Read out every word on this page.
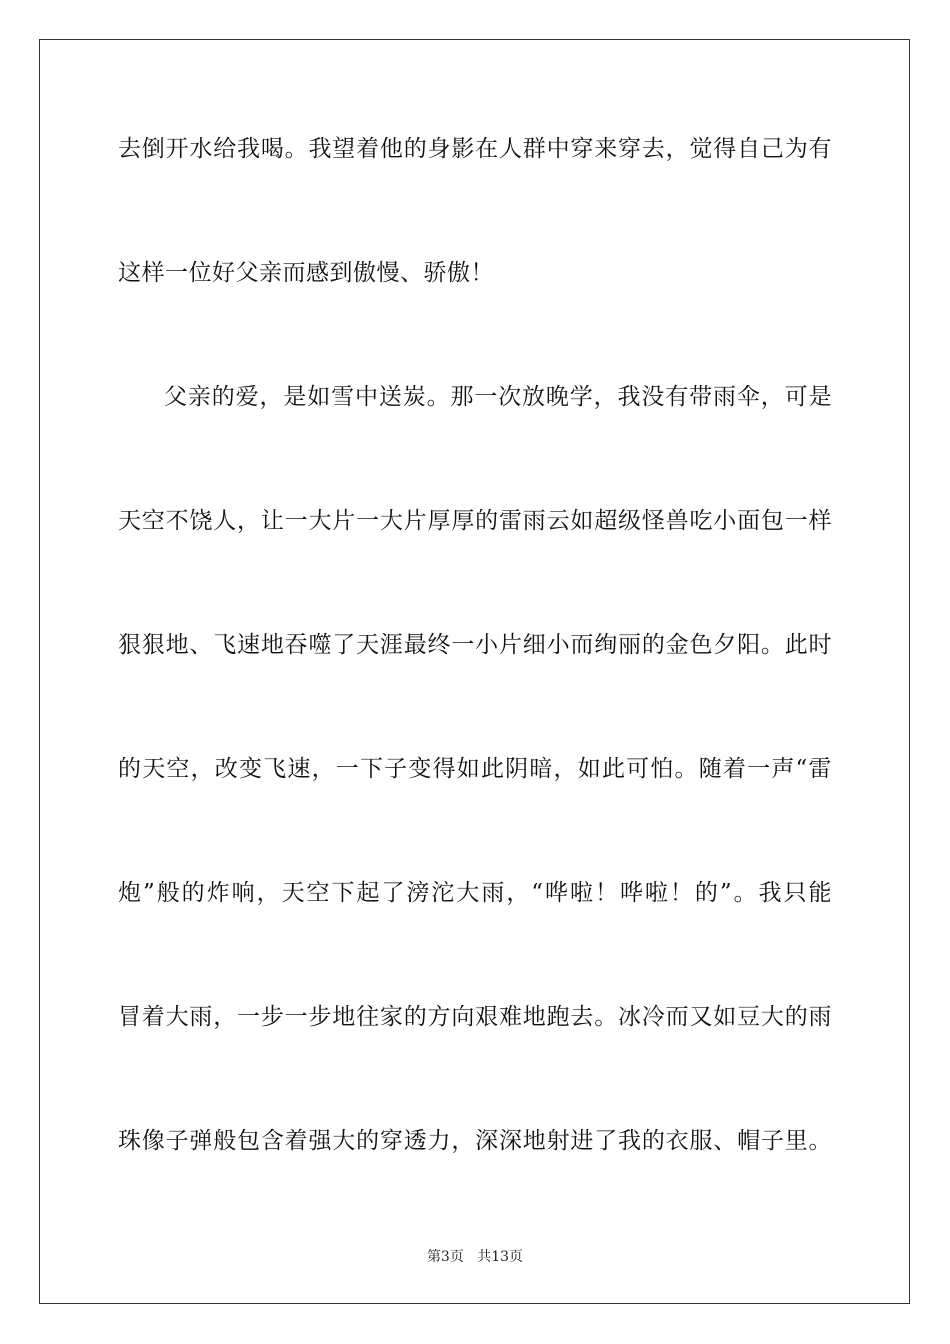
去倒开水给我喝。我望着他的身影在人群中穿来穿去，觉得自己为有
这样一位好父亲而感到傲慢、骄傲！
父亲的爱，是如雪中送炭。那一次放晚学，我没有带雨伞，可是
天空不饶人，让一大片一大片厚厚的雷雨云如超级怪兽吃小面包一样
狠狠地、飞速地吞噬了天涯最终一小片细小而绚丽的金色夕阳。此时
的天空，改变飞速，一下子变得如此阴暗，如此可怕。随着一声“雷
炮”般的炸响，天空下起了滂沱大雨，“哗啦！哗啦！的”。我只能
冒着大雨，一步一步地往家的方向艰难地跑去。冰冷而又如豆大的雨
珠像子弹般包含着强大的穿透力，深深地射进了我的衣服、帽子里。
第3页 共13页
